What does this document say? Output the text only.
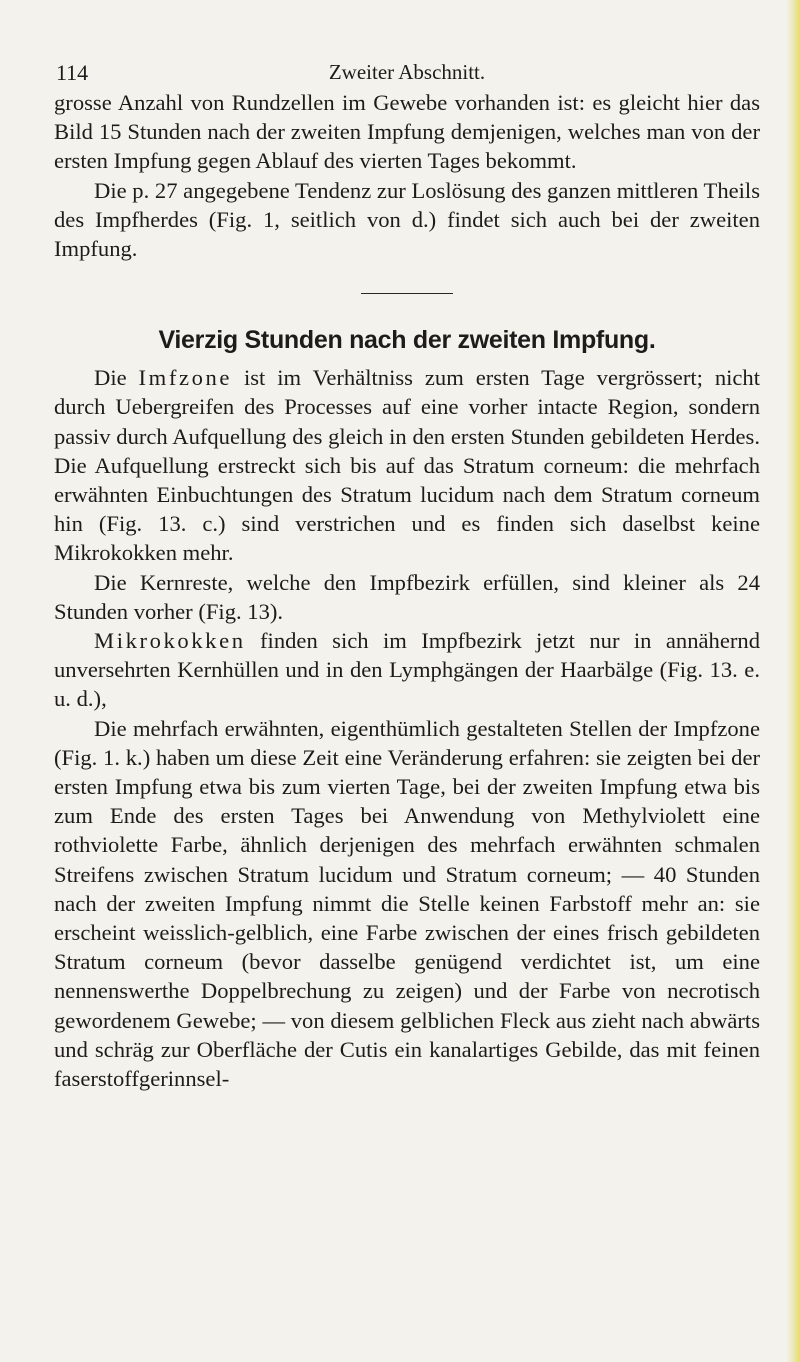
114	Zweiter Abschnitt.

grosse Anzahl von Rundzellen im Gewebe vorhanden ist: es gleicht hier das Bild 15 Stunden nach der zweiten Impfung demjenigen, welches man von der ersten Impfung gegen Ablauf des vierten Tages bekommt.

Die p. 27 angegebene Tendenz zur Loslösung des ganzen mittleren Theils des Impfherdes (Fig. 1, seitlich von d.) findet sich auch bei der zweiten Impfung.

Vierzig Stunden nach der zweiten Impfung.

Die Imfzone ist im Verhältniss zum ersten Tage vergrössert; nicht durch Uebergreifen des Processes auf eine vorher intacte Region, sondern passiv durch Aufquellung des gleich in den ersten Stunden gebildeten Herdes. Die Aufquellung erstreckt sich bis auf das Stratum corneum: die mehrfach erwähnten Einbuchtungen des Stratum lucidum nach dem Stratum corneum hin (Fig. 13. c.) sind verstrichen und es finden sich daselbst keine Mikrokokken mehr.

Die Kernreste, welche den Impfbezirk erfüllen, sind kleiner als 24 Stunden vorher (Fig. 13).

Mikrokokken finden sich im Impfbezirk jetzt nur in annähernd unversehrten Kernhüllen und in den Lymphgängen der Haarbälge (Fig. 13. e. u. d.),

Die mehrfach erwähnten, eigenthümlich gestalteten Stellen der Impfzone (Fig. 1. k.) haben um diese Zeit eine Veränderung erfahren: sie zeigten bei der ersten Impfung etwa bis zum vierten Tage, bei der zweiten Impfung etwa bis zum Ende des ersten Tages bei Anwendung von Methylviolett eine rothviolette Farbe, ähnlich derjenigen des mehrfach erwähnten schmalen Streifens zwischen Stratum lucidum und Stratum corneum; — 40 Stunden nach der zweiten Impfung nimmt die Stelle keinen Farbstoff mehr an: sie erscheint weisslich-gelblich, eine Farbe zwischen der eines frisch gebildeten Stratum corneum (bevor dasselbe genügend verdichtet ist, um eine nennenswerthe Doppelbrechung zu zeigen) und der Farbe von necrotisch gewordenem Gewebe; — von diesem gelblichen Fleck aus zieht nach abwärts und schräg zur Oberfläche der Cutis ein kanalartiges Gebilde, das mit feinen faserstoffgerinnsel-
